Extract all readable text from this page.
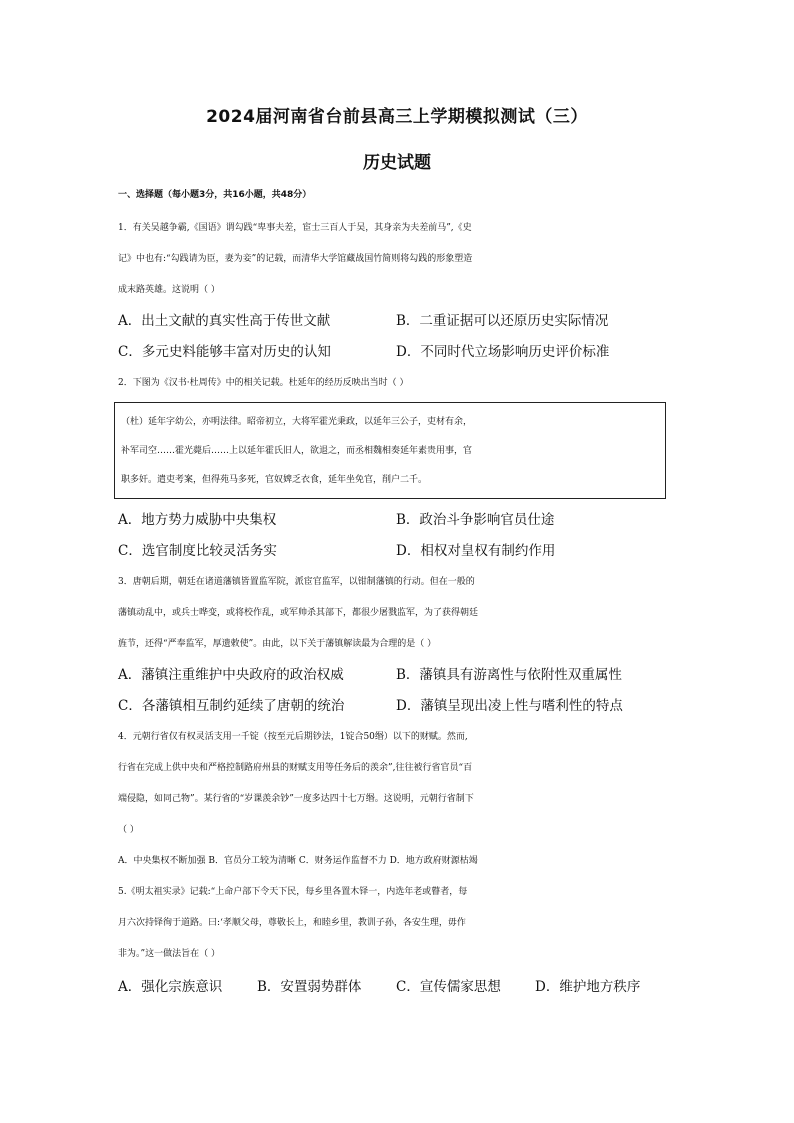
2024届河南省台前县高三上学期模拟测试（三）
历史试题
一、选择题（每小题3分，共16小题，共48分）
1．有关吴越争霸,《国语》谓勾践“卑事夫差，宦士三百人于吴，其身亲为夫差前马”,《史
记》中也有:“勾践请为臣，妻为妾”的记载，而清华大学馆藏战国竹简则将勾践的形象塑造
成末路英雄。这说明（ ）
A．出土文献的真实性高于传世文献	B．二重证据可以还原历史实际情况
C．多元史料能够丰富对历史的认知	D．不同时代立场影响历史评价标准
2．下图为《汉书·杜周传》中的相关记载。杜延年的经历反映出当时（ ）
（杜）延年字幼公，亦明法律。昭帝初立，大将军霍光秉政，以延年三公子，吏材有余，
补军司空……霍光薨后……上以延年霍氏旧人，欲退之，而丞相魏相奏延年素贵用事，官
职多奸。遣吏考案，但得苑马多死，官奴婢乏衣食，延年坐免官，削户二千。
A．地方势力威胁中央集权	B．政治斗争影响官员仕途
C．选官制度比较灵活务实	D．相权对皇权有制约作用
3．唐朝后期，朝廷在诸道藩镇皆置监军院，派宦官监军，以钳制藩镇的行动。但在一般的
藩镇动乱中，或兵士哗变，或将校作乱，或军帅杀其部下，都很少屠戮监军，为了获得朝廷
旌节，还得“严奉监军，厚遗敕使”。由此，以下关于藩镇解读最为合理的是（ ）
A．藩镇注重维护中央政府的政治权威	B．藩镇具有游离性与依附性双重属性
C．各藩镇相互制约延续了唐朝的统治	D．藩镇呈现出凌上性与嗜利性的特点
4．元朝行省仅有权灵活支用一千锭（按至元后期钞法，1锭合50缗）以下的财赋。然而,
行省在完成上供中央和严格控制路府州县的财赋支用等任务后的羡余”,往往被行省官员“百
端侵隐，如同己物”。某行省的“岁课羡余钞”一度多达四十七万缗。这说明，元朝行省制下
（ ）
A．中央集权不断加强 B．官员分工较为清晰 C．财务运作监督不力 D．地方政府财源枯竭
5.《明太祖实录》记载:“上命户部下令天下民，每乡里各置木铎一，内选年老或瞽者，每
月六次持铎徇于道路。曰:‘孝顺父母，尊敬长上，和睦乡里，教训子孙，各安生理，毋作
非为。”这一做法旨在（ ）
A．强化宗族意识	B．安置弱势群体	C．宣传儒家思想	D．维护地方秩序
